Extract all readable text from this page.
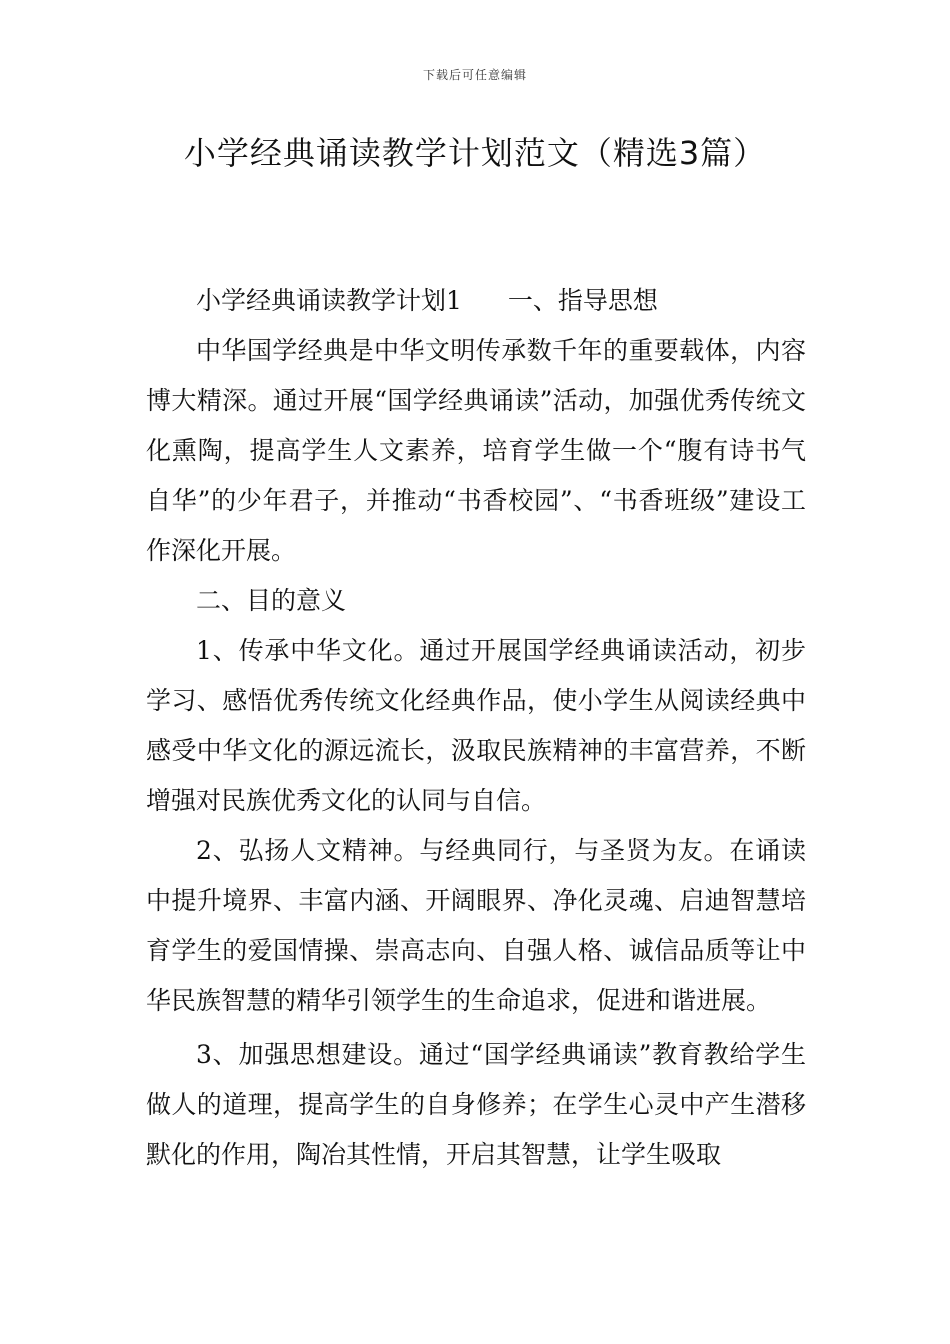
下载后可任意编辑
小学经典诵读教学计划范文（精选3篇）
小学经典诵读教学计划1 一、指导思想

中华国学经典是中华文明传承数千年的重要载体，内容博大精深。通过开展“国学经典诵读”活动，加强优秀传统文化熏陶，提高学生人文素养，培育学生做一个“腹有诗书气自华”的少年君子，并推动“书香校园”、“书香班级”建设工作深化开展。

二、目的意义

1、传承中华文化。通过开展国学经典诵读活动，初步学习、感悟优秀传统文化经典作品，使小学生从阅读经典中感受中华文化的源远流长，汲取民族精神的丰富营养，不断增强对民族优秀文化的认同与自信。

2、弘扬人文精神。与经典同行，与圣贤为友。在诵读中提升境界、丰富内涵、开阔眼界、净化灵魂、启迪智慧培育学生的爱国情操、崇高志向、自强人格、诚信品质等让中华民族智慧的精华引领学生的生命追求，促进和谐进展。

3、加强思想建设。通过“国学经典诵读”教育教给学生做人的道理，提高学生的自身修养；在学生心灵中产生潜移默化的作用，陶冶其性情，开启其智慧，让学生吸取
